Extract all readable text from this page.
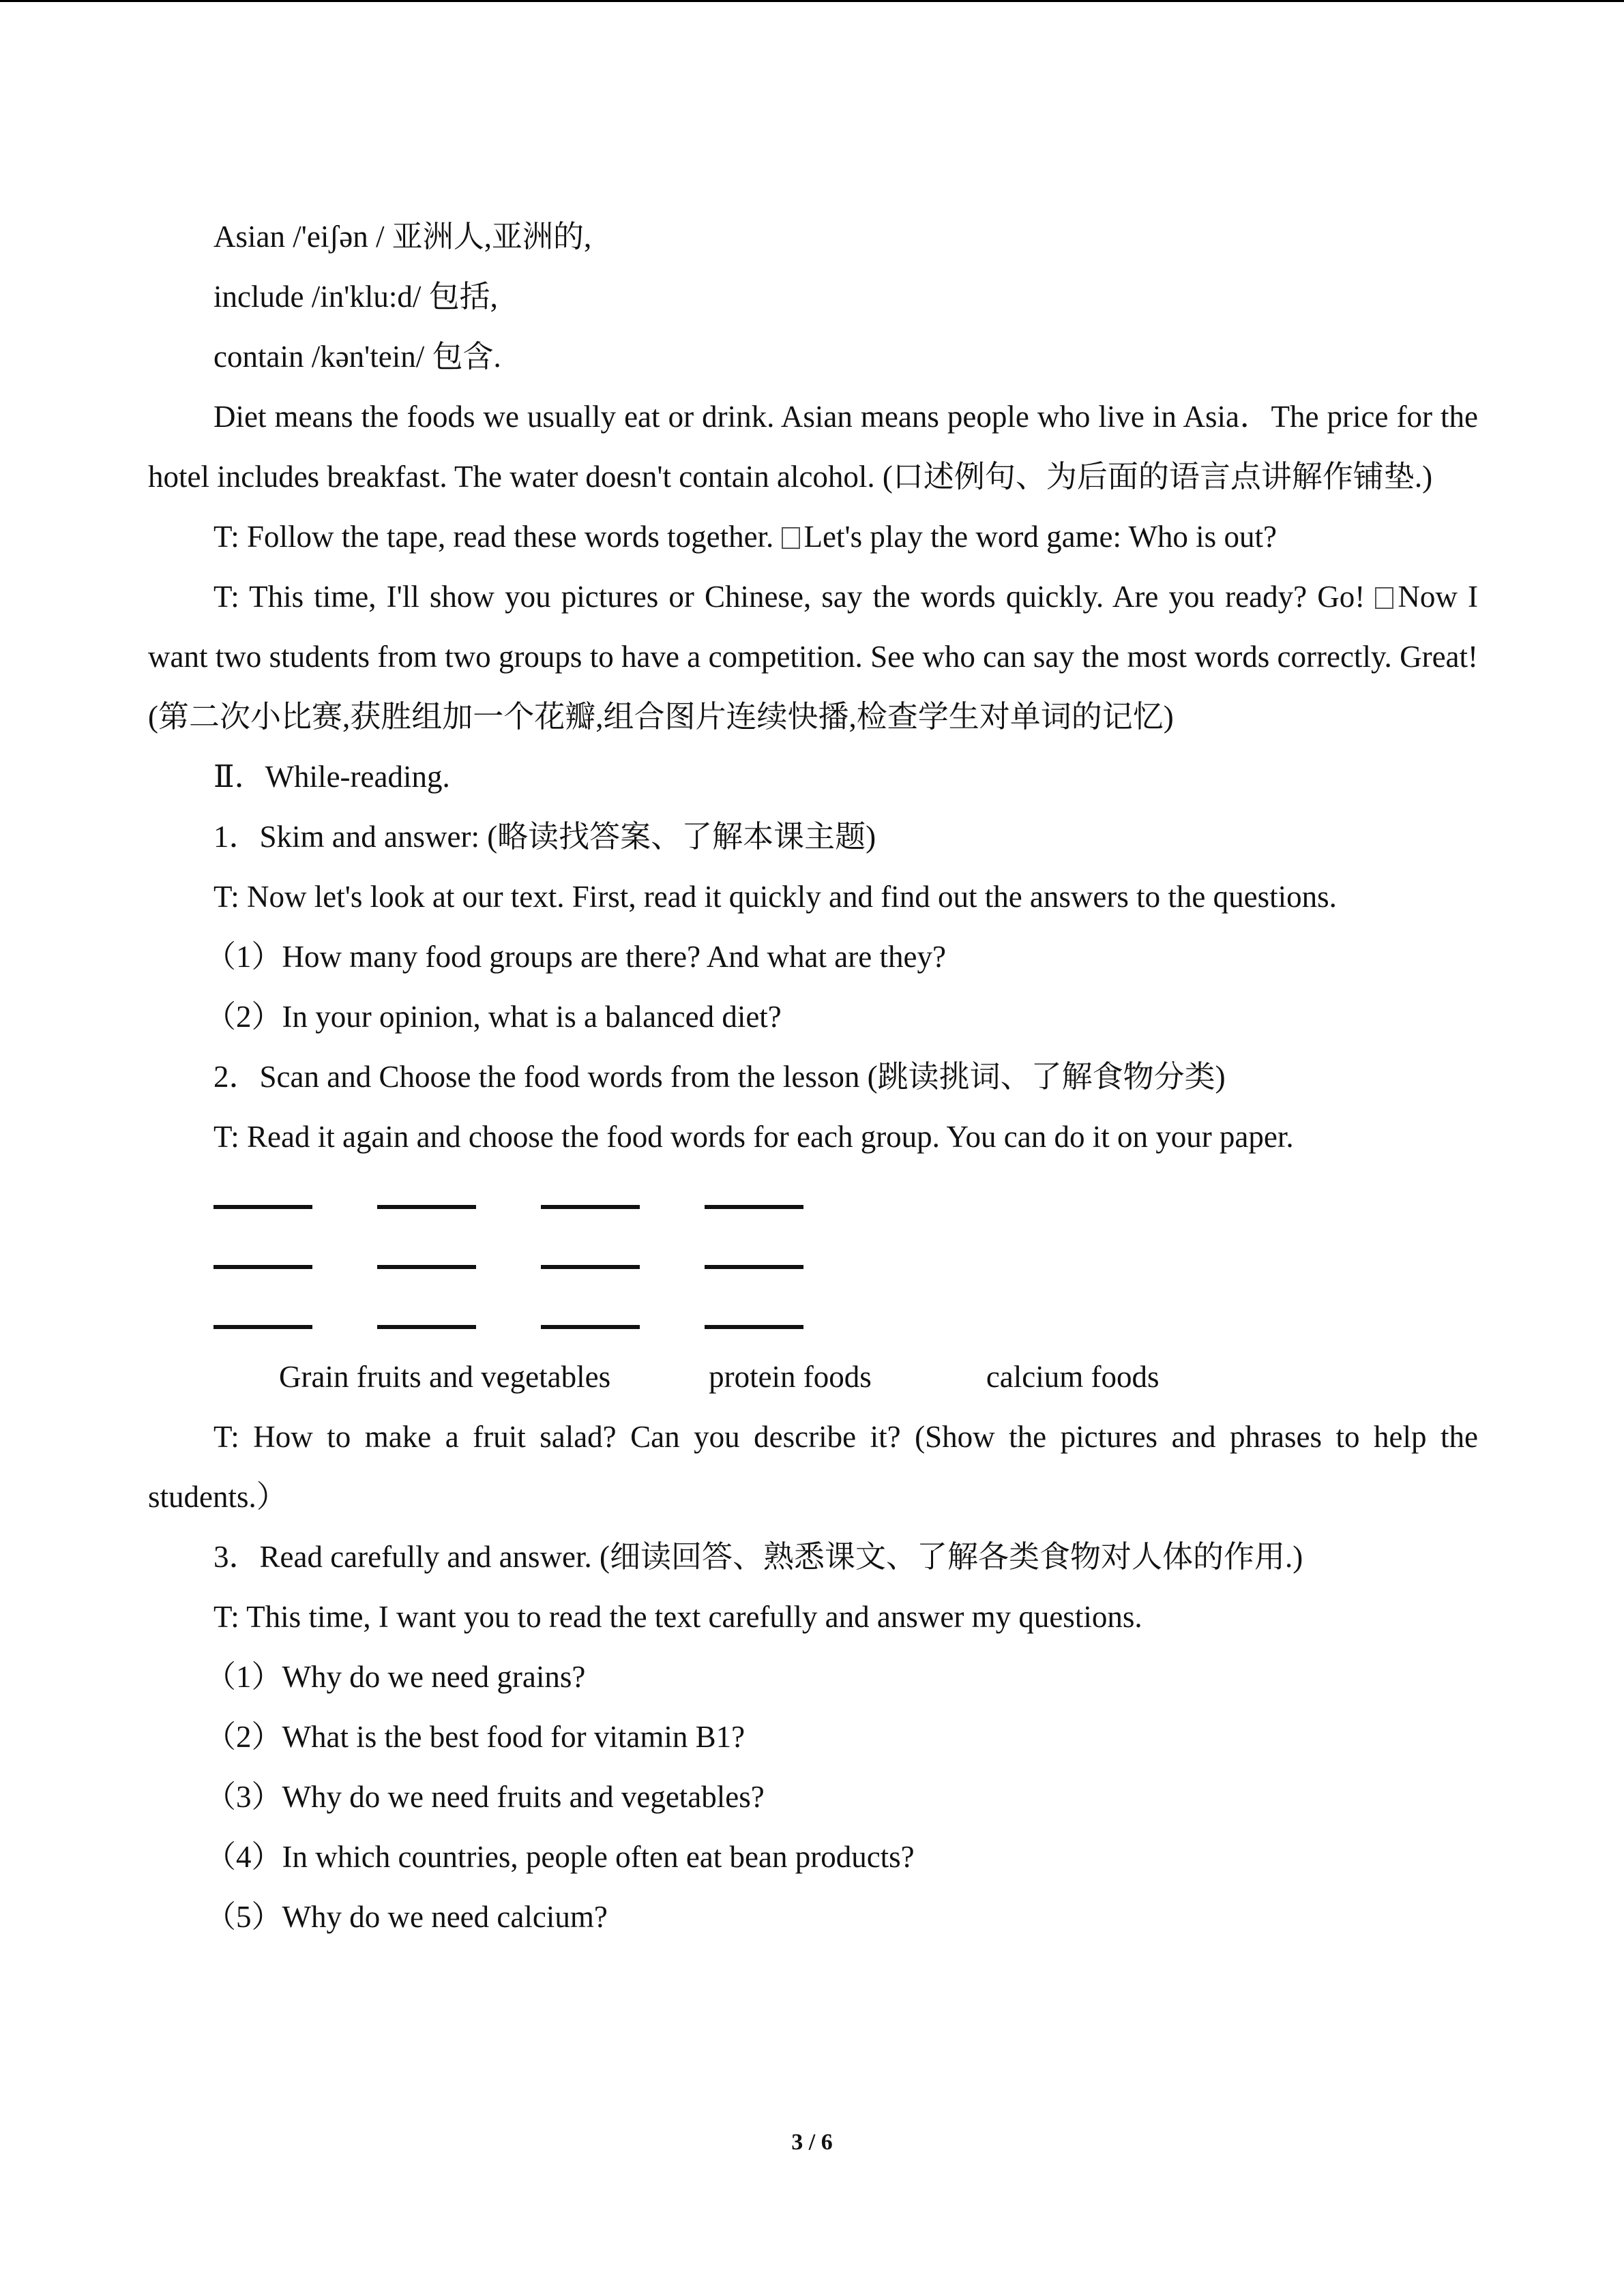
Asian /'eiʃən / 亚洲人,亚洲的,

include /in'klu:d/ 包括,

contain /kən'tein/ 包含.

Diet means the foods we usually eat or drink. Asian means people who live in Asia．The price for the hotel includes breakfast. The water doesn't contain alcohol. (口述例句、为后面的语言点讲解作铺垫.)

T: Follow the tape, read these words together. Let's play the word game: Who is out?

T: This time, I'll show you pictures or Chinese, say the words quickly. Are you ready? Go! Now I want two students from two groups to have a competition. See who can say the most words correctly. Great! (第二次小比赛,获胜组加一个花瓣,组合图片连续快播,检查学生对单词的记忆)

Ⅱ．While-reading.

1．Skim and answer: (略读找答案、了解本课主题)

T: Now let's look at our text. First, read it quickly and find out the answers to the questions.

（1）How many food groups are there? And what are they?

（2）In your opinion, what is a balanced diet?

2．Scan and Choose the food words from the lesson (跳读挑词、了解食物分类)

T: Read it again and choose the food words for each group. You can do it on your paper.

Grain fruits and vegetables	protein foods	calcium foods

T: How to make a fruit salad? Can you describe it? (Show the pictures and phrases to help the students.）

3．Read carefully and answer. (细读回答、熟悉课文、了解各类食物对人体的作用.)

T: This time, I want you to read the text carefully and answer my questions.

（1）Why do we need grains?

（2）What is the best food for vitamin B1?

（3）Why do we need fruits and vegetables?

（4）In which countries, people often eat bean products?

（5）Why do we need calcium?

3 / 6
